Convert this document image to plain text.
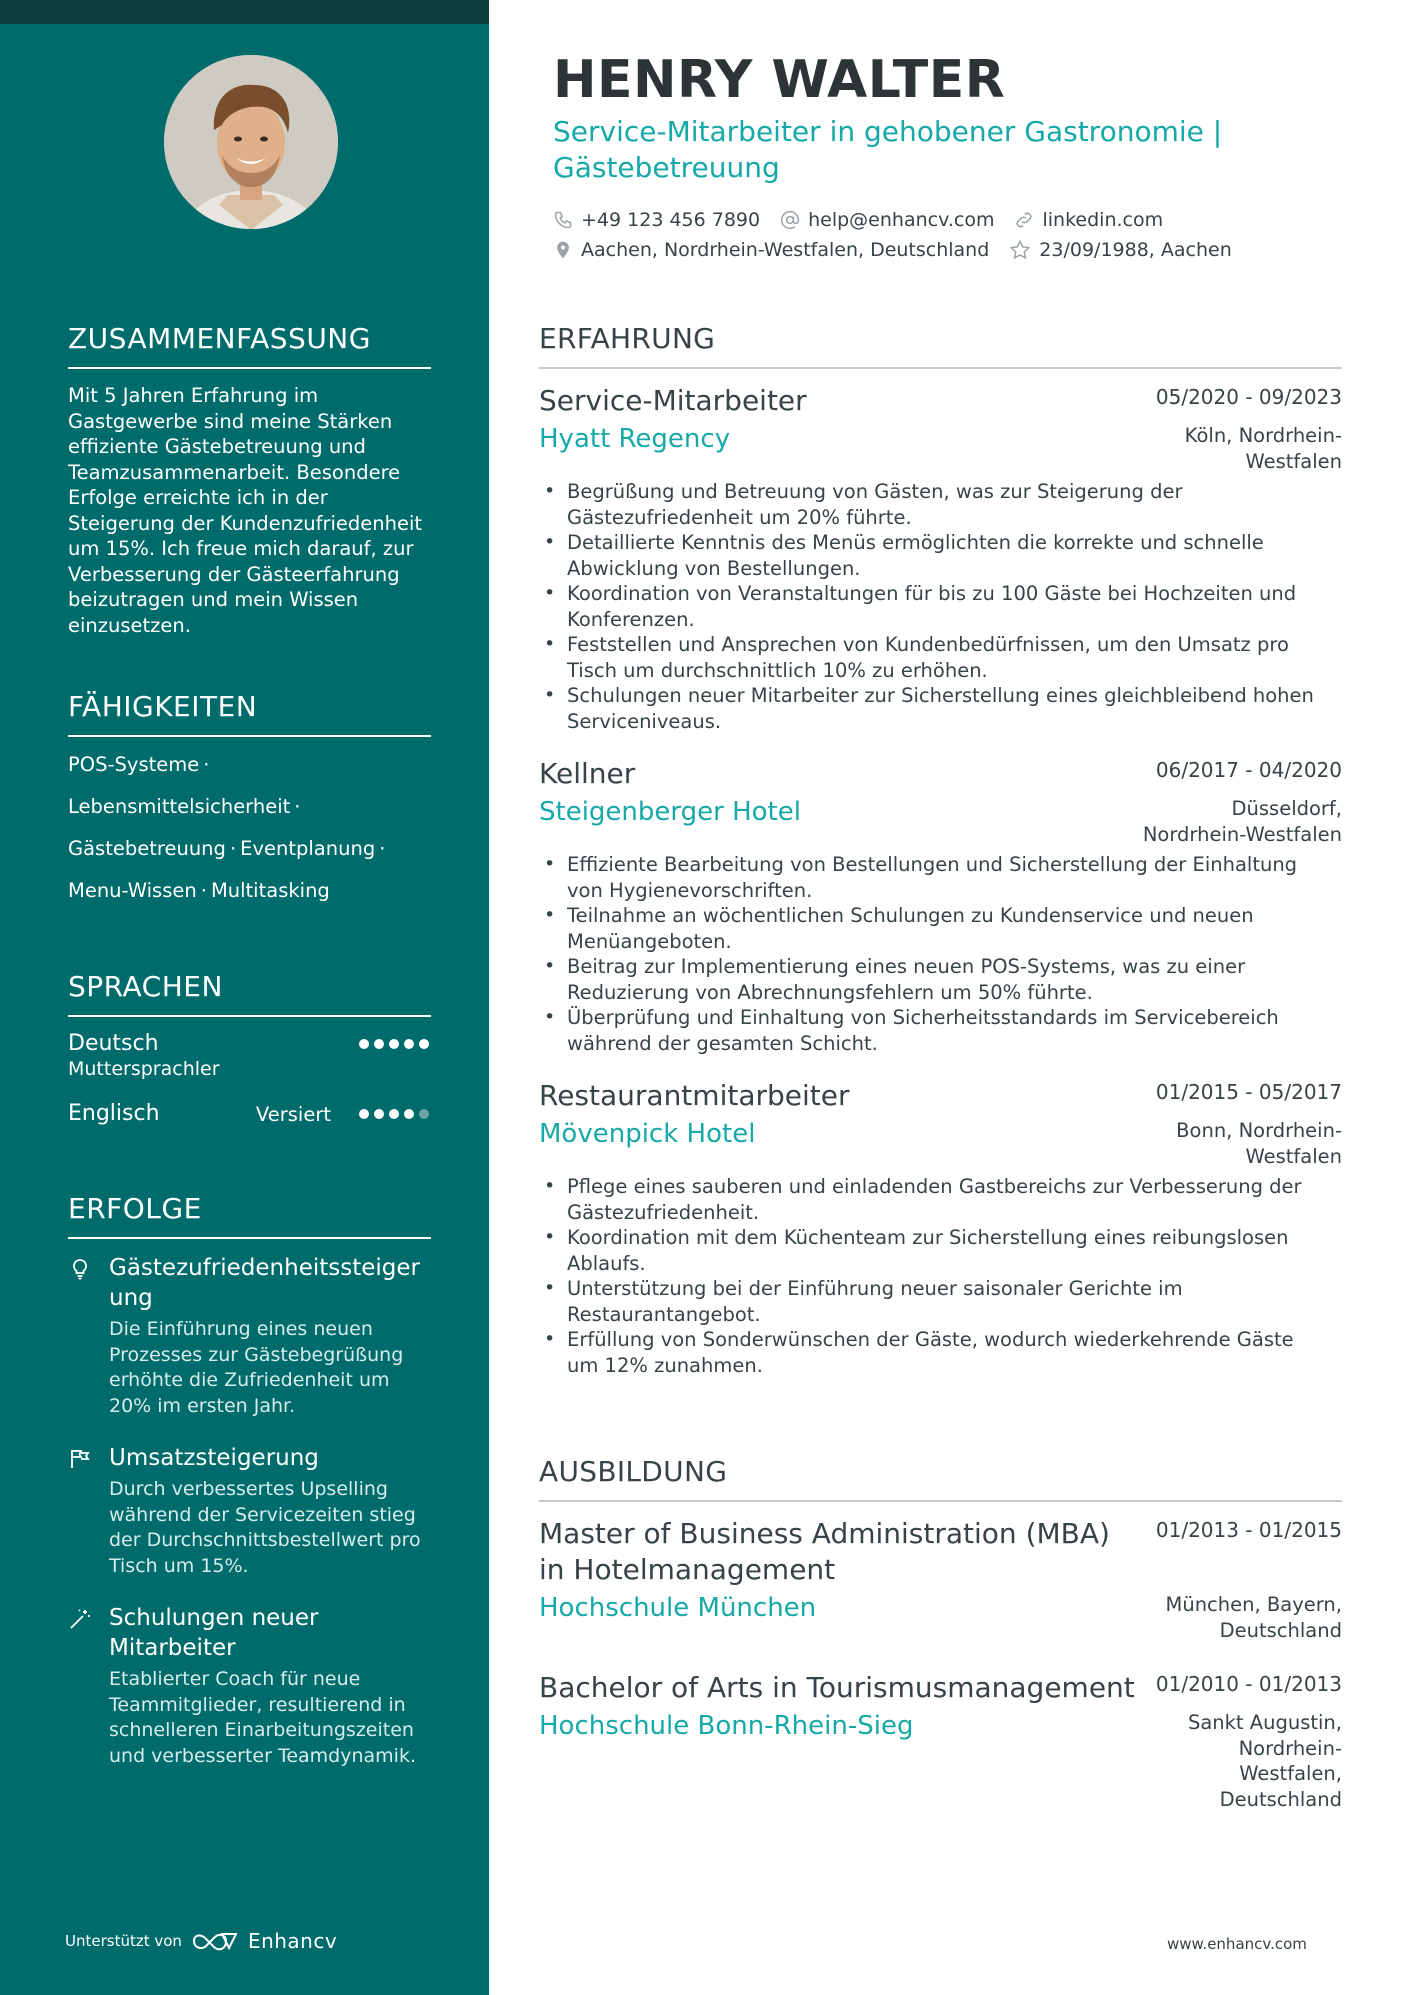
ZUSAMMENFASSUNG
Mit 5 Jahren Erfahrung im Gastgewerbe sind meine Stärken effiziente Gästebetreuung und Teamzusammenarbeit. Besondere Erfolge erreichte ich in der Steigerung der Kundenzufriedenheit um 15%. Ich freue mich darauf, zur Verbesserung der Gästeerfahrung beizutragen und mein Wissen einzusetzen.
FÄHIGKEITEN
POS-Systeme ·
Lebensmittelsicherheit ·
Gästebetreuung · Eventplanung ·
Menu-Wissen · Multitasking
SPRACHEN
Deutsch
Muttersprachler
Englisch	Versiert
ERFOLGE
Gästezufriedenheitssteiger ung
Die Einführung eines neuen Prozesses zur Gästebegrüßung erhöhte die Zufriedenheit um 20% im ersten Jahr.
Umsatzsteigerung
Durch verbessertes Upselling während der Servicezeiten stieg der Durchschnittsbestellwert pro Tisch um 15%.
Schulungen neuer Mitarbeiter
Etablierter Coach für neue Teammitglieder, resultierend in schnelleren Einarbeitungszeiten und verbesserter Teamdynamik.
Unterstützt von	Enhancv
HENRY WALTER
Service-Mitarbeiter in gehobener Gastronomie | Gästebetreuung
+49 123 456 7890	help@enhancv.com	linkedin.com
Aachen, Nordrhein-Westfalen, Deutschland	23/09/1988, Aachen
ERFAHRUNG
Service-Mitarbeiter	05/2020 - 09/2023
Hyatt Regency	Köln, Nordrhein-Westfalen
• Begrüßung und Betreuung von Gästen, was zur Steigerung der Gästezufriedenheit um 20% führte.
• Detaillierte Kenntnis des Menüs ermöglichten die korrekte und schnelle Abwicklung von Bestellungen.
• Koordination von Veranstaltungen für bis zu 100 Gäste bei Hochzeiten und Konferenzen.
• Feststellen und Ansprechen von Kundenbedürfnissen, um den Umsatz pro Tisch um durchschnittlich 10% zu erhöhen.
• Schulungen neuer Mitarbeiter zur Sicherstellung eines gleichbleibend hohen Serviceniveaus.
Kellner	06/2017 - 04/2020
Steigenberger Hotel	Düsseldorf, Nordrhein-Westfalen
• Effiziente Bearbeitung von Bestellungen und Sicherstellung der Einhaltung von Hygienevorschriften.
• Teilnahme an wöchentlichen Schulungen zu Kundenservice und neuen Menüangeboten.
• Beitrag zur Implementierung eines neuen POS-Systems, was zu einer Reduzierung von Abrechnungsfehlern um 50% führte.
• Überprüfung und Einhaltung von Sicherheitsstandards im Servicebereich während der gesamten Schicht.
Restaurantmitarbeiter	01/2015 - 05/2017
Mövenpick Hotel	Bonn, Nordrhein-Westfalen
• Pflege eines sauberen und einladenden Gastbereichs zur Verbesserung der Gästezufriedenheit.
• Koordination mit dem Küchenteam zur Sicherstellung eines reibungslosen Ablaufs.
• Unterstützung bei der Einführung neuer saisonaler Gerichte im Restaurantangebot.
• Erfüllung von Sonderwünschen der Gäste, wodurch wiederkehrende Gäste um 12% zunahmen.
AUSBILDUNG
Master of Business Administration (MBA) in Hotelmanagement
01/2013 - 01/2015
Hochschule München	München, Bayern, Deutschland
Bachelor of Arts in Tourismusmanagement 01/2010 - 01/2013
Hochschule Bonn-Rhein-Sieg	Sankt Augustin, Nordrhein-Westfalen, Deutschland
www.enhancv.com
